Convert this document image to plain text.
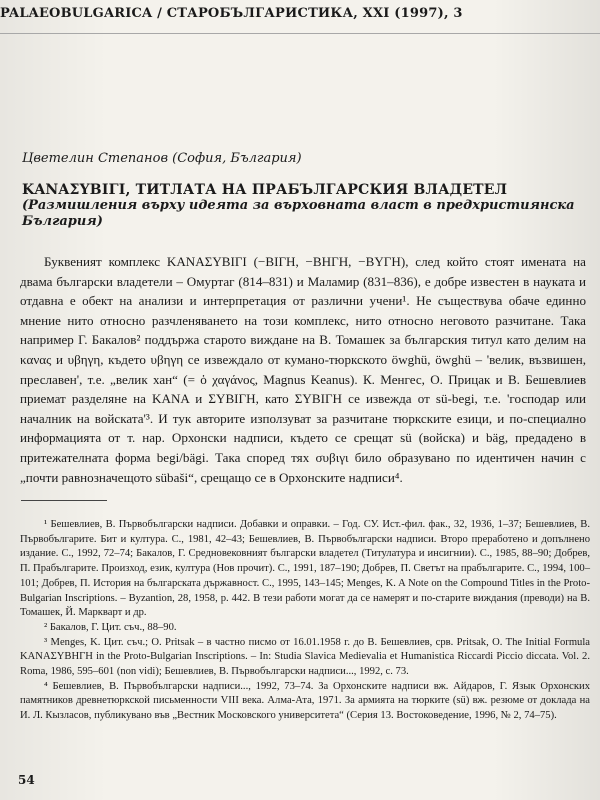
PALAEOBULGARICA / СТАРОБЪЛГАРИСТИКА, XXI (1997), 3
Цветелин Степанов (София, България)
ΚΑΝΑΣΥΒΙΓΙ, ТИТЛАТА НА ПРАБЪЛГАРСКИЯ ВЛАДЕТЕЛ
(Размишления върху идеята за върховната власт в предхристиянска България)

Буквеният комплекс ΚΑΝΑΣΥΒΙΓΙ (−ΒΙΓΗ, −ΒΗΓΗ, −ΒΥΓΗ), след който стоят имената на двама български владетели – Омуртаг (814–831) и Маламир (831–836), е добре известен в науката и отдавна е обект на анализи и интерпретация от различни учени¹. Не съществува обаче единно мнение нито относно разчленяването на този комплекс, нито относно неговото разчитане. Така например Г. Бакалов² поддържа старото виждане на В. Томашек за българския титул като делим на κανας и υβηγη, където υβηγη се извеждало от кумано-тюркското öwghü, öwghü – 'велик, възвишен, преславен', т.е. „велик хан“ (= ὁ χαγάνος, Magnus Keanus). К. Менгес, О. Прицак и В. Бешевлиев приемат разделяне на ΚΑΝΑ и ΣΥΒΙΓΗ, като ΣΥΒΙΓΗ се извежда от sü-begi, т.е. 'господар или началник на войската'³. И тук авторите използуват за разчитане тюркските езици, и по-специално информацията от т. нар. Орхонски надписи, където се срещат sü (войска) и bäg, предадено в притежателната форма begi/bägi. Така според тях συβιγι било образувано по идентичен начин с „почти равнозначещото sübaši“, срещащо се в Орхонските надписи⁴.

¹ Бешевлиев, В. Първобългарски надписи. Добавки и оправки. – Год. СУ. Ист.-фил. фак., 32, 1936, 1–37; Бешевлиев, В. Първобългарите. Бит и култура. С., 1981, 42–43; Бешевлиев, В. Първобългарски надписи. Второ преработено и допълнено издание. С., 1992, 72–74; Бакалов, Г. Средновековният български владетел (Титулатура и инсигнии). С., 1985, 88–90; Добрев, П. Прабългарите. Произход, език, култура (Нов прочит). С., 1991, 187–190; Добрев, П. Светът на прабългарите. С., 1994, 100–101; Добрев, П. История на българската държавност. С., 1995, 143–145; Menges, K. A Note on the Compound Titles in the Proto-Bulgarian Inscriptions. – Byzantion, 28, 1958, p. 442. В тези работи могат да се намерят и по-старите виждания (преводи) на В. Томашек, Й. Маркварт и др.

² Бакалов, Г. Цит. съч., 88–90.

³ Menges, K. Цит. съч.; O. Pritsak – в частно писмо от 16.01.1958 г. до В. Бешевлиев, срв. Pritsak, O. The Initial Formula ΚΑΝΑΣΥΒΗΓΗ in the Proto-Bulgarian Inscriptions. – In: Studia Slavica Medievalia et Humanistica Riccardi Piccio diccata. Vol. 2. Roma, 1986, 595–601 (non vidi); Бешевлиев, В. Първобългарски надписи..., 1992, с. 73.

⁴ Бешевлиев, В. Първобългарски надписи..., 1992, 73–74. За Орхонските надписи вж. Айдаров, Г. Язык Орхонских памятников древнетюркской письменности VIII века. Алма-Ата, 1971. За армията на тюрките (sü) вж. резюме от доклада на И. Л. Кызласов, публикувано във „Вестник Московского университета“ (Серия 13. Востоковедение, 1996, № 2, 74–75).

54
